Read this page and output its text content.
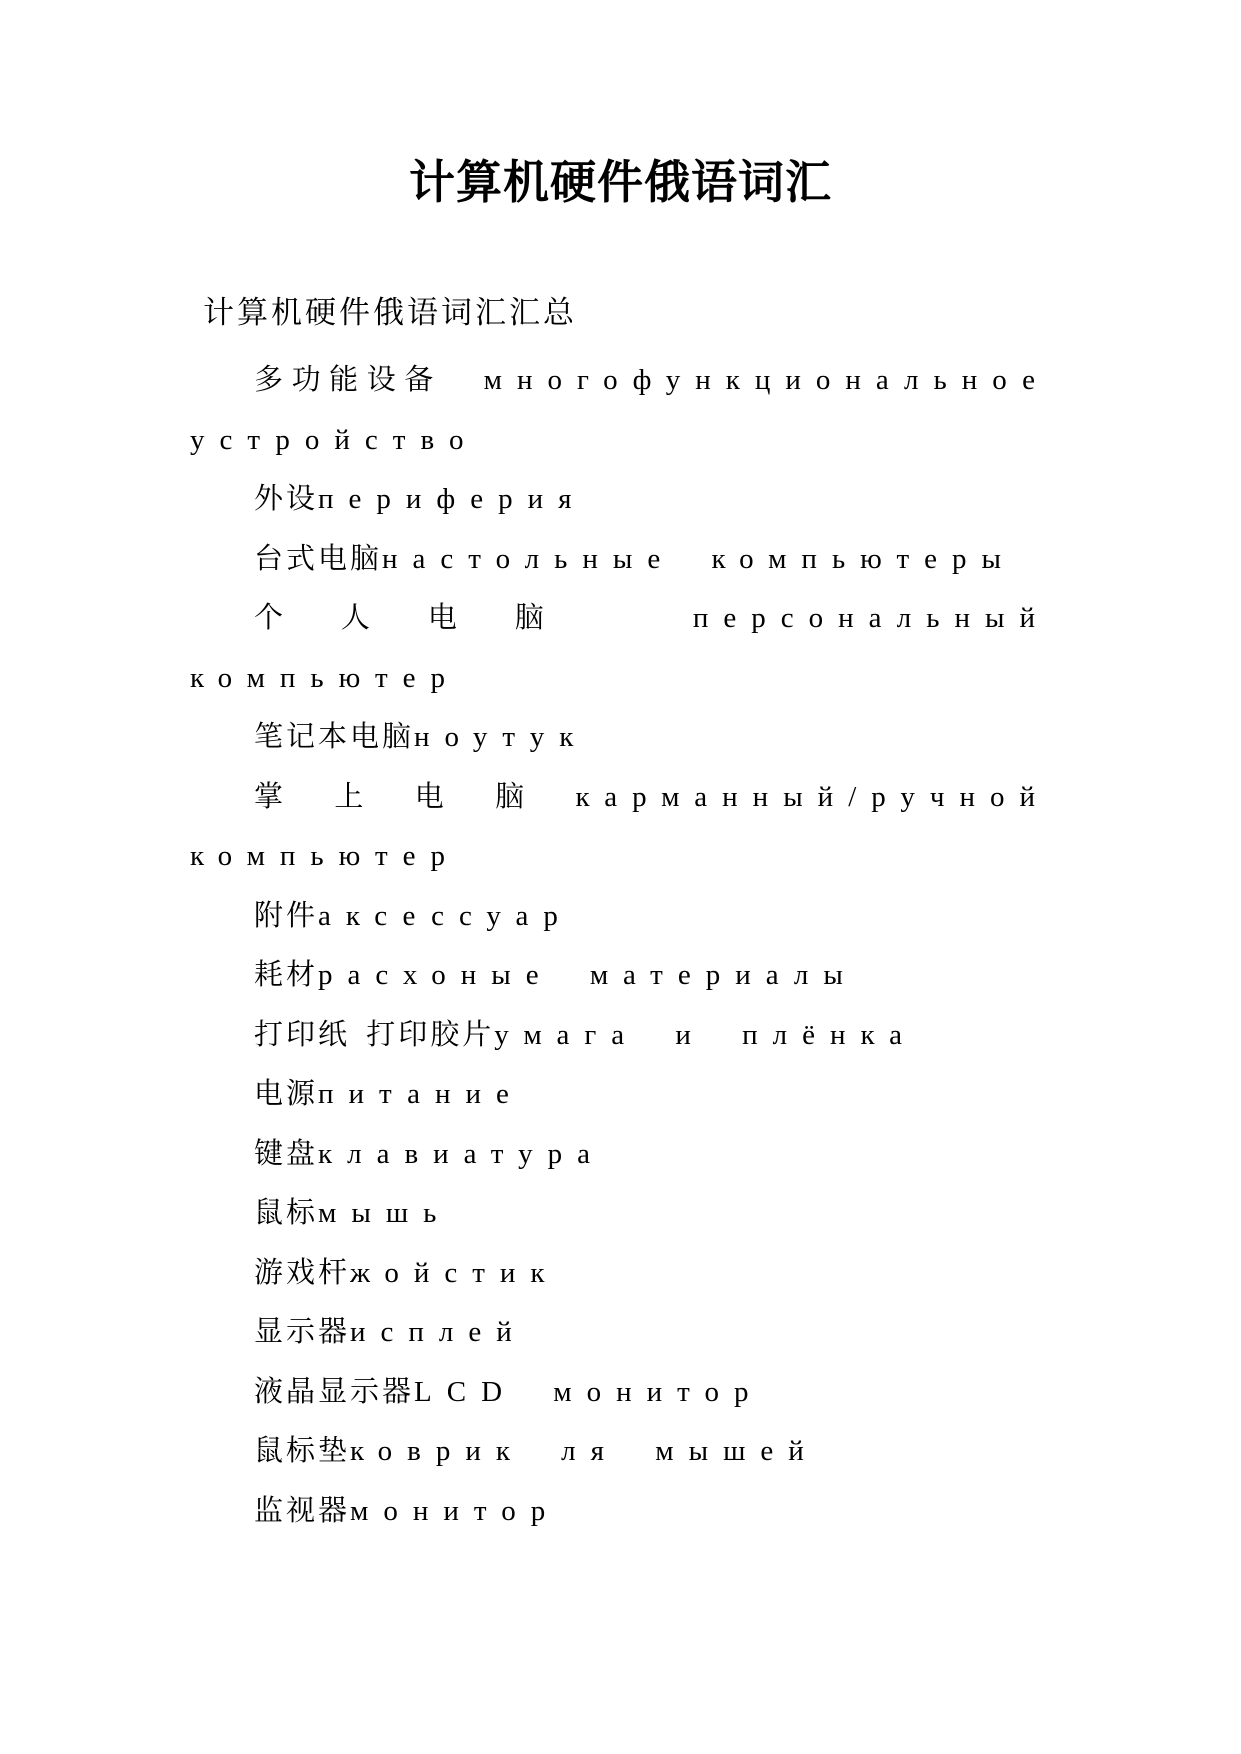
计算机硬件俄语词汇

计算机硬件俄语词汇汇总

多功能设备 многофункциональное устройство
外设периферия
台式电脑настольные компьютеры
个人电脑 персональный компьютер
笔记本电脑ноутук
掌上电脑карманный/ручной компьютер
附件аксессуар
耗材расхоные материалы
打印纸 打印胶片умага и плёнка
电源питание
键盘клавиатура
鼠标мышь
游戏杆жойстик
显示器исплей
液晶显示器LCD монитор
鼠标垫коврик ля мышей
监视器монитор
